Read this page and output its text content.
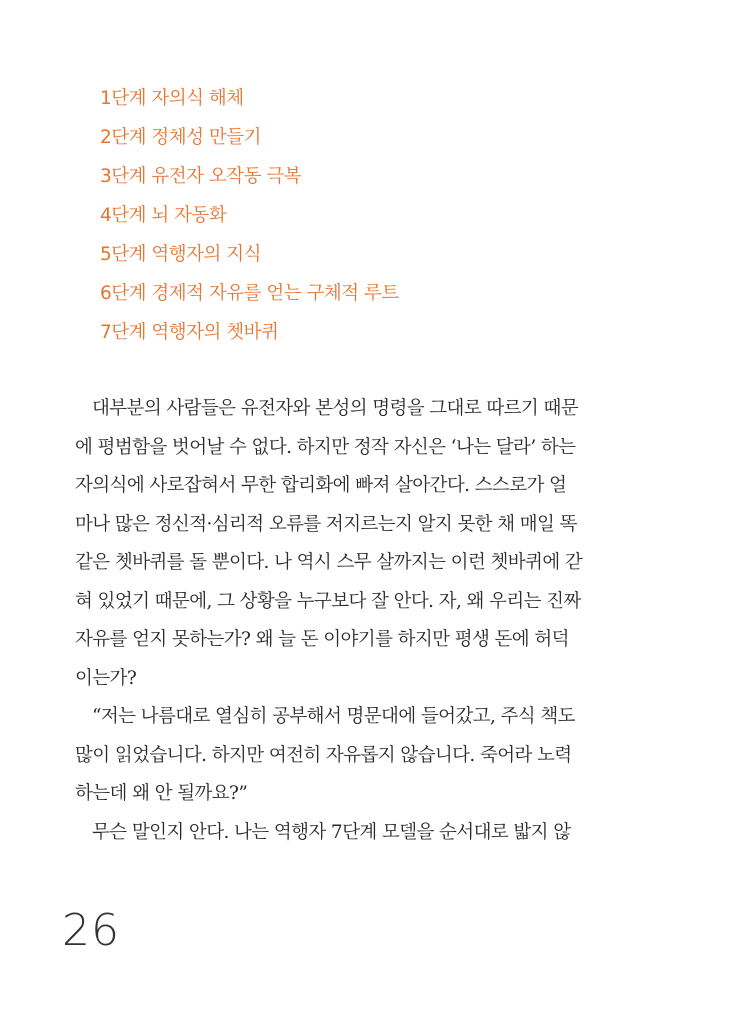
1단계 자의식 해체
2단계 정체성 만들기
3단계 유전자 오작동 극복
4단계 뇌 자동화
5단계 역행자의 지식
6단계 경제적 자유를 얻는 구체적 루트
7단계 역행자의 쳇바퀴
대부분의 사람들은 유전자와 본성의 명령을 그대로 따르기 때문
에 평범함을 벗어날 수 없다. 하지만 정작 자신은 ‘나는 달라’ 하는
자의식에 사로잡혀서 무한 합리화에 빠져 살아간다. 스스로가 얼
마나 많은 정신적·심리적 오류를 저지르는지 알지 못한 채 매일 똑
같은 쳇바퀴를 돌 뿐이다. 나 역시 스무 살까지는 이런 쳇바퀴에 갇
혀 있었기 때문에, 그 상황을 누구보다 잘 안다. 자, 왜 우리는 진짜
자유를 얻지 못하는가? 왜 늘 돈 이야기를 하지만 평생 돈에 허덕
이는가?
“저는 나름대로 열심히 공부해서 명문대에 들어갔고, 주식 책도
많이 읽었습니다. 하지만 여전히 자유롭지 않습니다. 죽어라 노력
하는데 왜 안 될까요?”
무슨 말인지 안다. 나는 역행자 7단계 모델을 순서대로 밟지 않
26
